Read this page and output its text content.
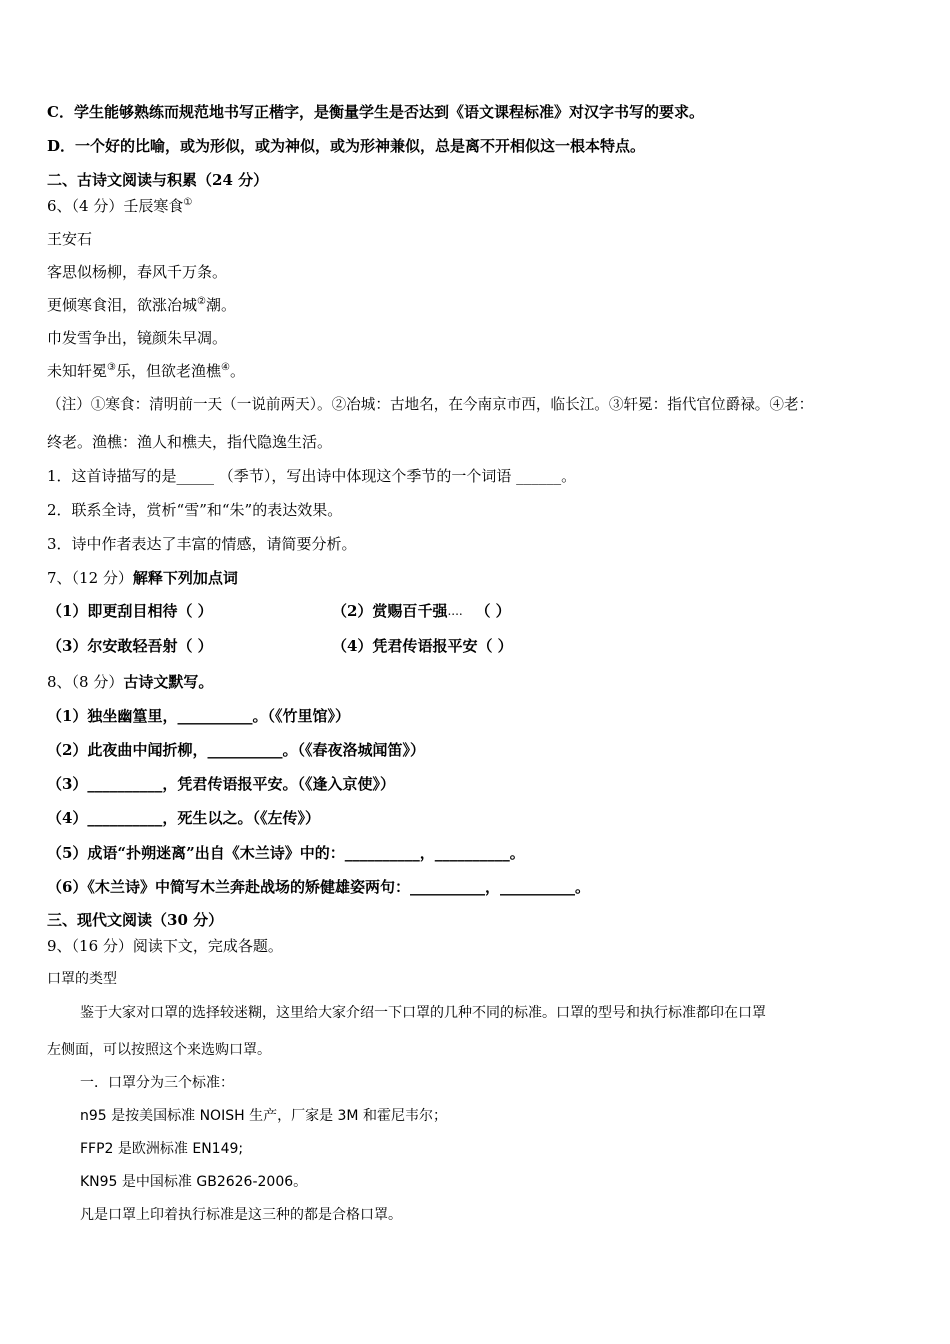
C．学生能够熟练而规范地书写正楷字，是衡量学生是否达到《语文课程标准》对汉字书写的要求。
D．一个好的比喻，或为形似，或为神似，或为形神兼似，总是离不开相似这一根本特点。
二、古诗文阅读与积累（24 分）
6、（4 分）壬辰寒食①
王安石
客思似杨柳，春风千万条。
更倾寒食泪，欲涨冶城②潮。
巾发雪争出，镜颜朱早凋。
未知轩冕③乐，但欲老渔樵④。
（注）①寒食：清明前一天（一说前两天）。②冶城：古地名，在今南京市西，临长江。③轩冕：指代官位爵禄。④老：
终老。渔樵：渔人和樵夫，指代隐逸生活。
1．这首诗描写的是_____ （季节），写出诗中体现这个季节的一个词语 ______。
2．联系全诗，赏析“雪”和“朱”的表达效果。
3．诗中作者表达了丰富的情感，请简要分析。
7、（12 分）解释下列加点词
（1）即更刮目相待（ ）	（2）赏赐百千强.... （ ）
（3）尔安敢轻吾射（ ）	（4）凭君传语报平安（ ）
8、（8 分）古诗文默写。
（1）独坐幽篁里，__________。（《竹里馆》）
（2）此夜曲中闻折柳，__________。（《春夜洛城闻笛》）
（3）__________，凭君传语报平安。（《逢入京使》）
（4）__________，死生以之。（《左传》）
（5）成语“扑朔迷离”出自《木兰诗》中的：__________，__________。
（6）《木兰诗》中简写木兰奔赴战场的矫健雄姿两句：__________，__________。
三、现代文阅读（30 分）
9、（16 分）阅读下文，完成各题。
口罩的类型
鉴于大家对口罩的选择较迷糊，这里给大家介绍一下口罩的几种不同的标准。口罩的型号和执行标准都印在口罩
左侧面，可以按照这个来选购口罩。
一．口罩分为三个标准：
n95 是按美国标准 NOISH 生产，厂家是 3M 和霍尼韦尔；
FFP2 是欧洲标准 EN149;
KN95 是中国标准 GB2626-2006。
凡是口罩上印着执行标准是这三种的都是合格口罩。
